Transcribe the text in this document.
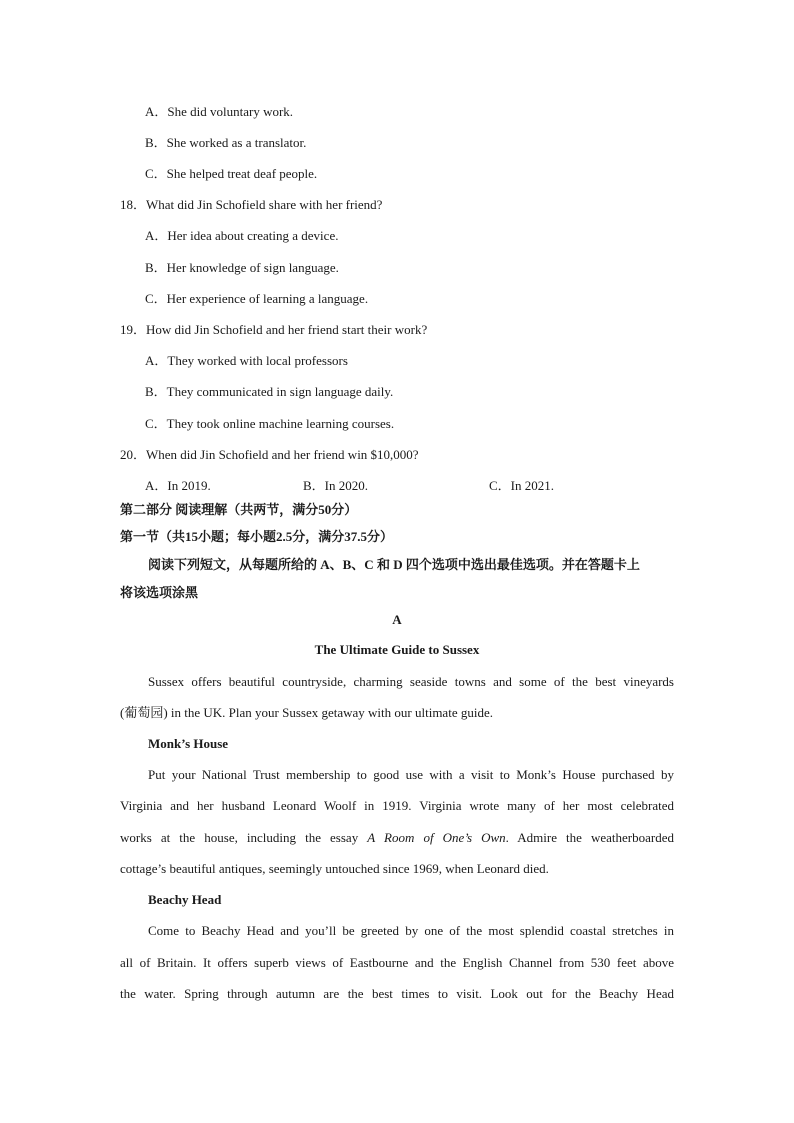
A．She did voluntary work.
B．She worked as a translator.
C．She helped treat deaf people.
18．What did Jin Schofield share with her friend?
A．Her idea about creating a device.
B．Her knowledge of sign language.
C．Her experience of learning a language.
19．How did Jin Schofield and her friend start their work?
A．They worked with local professors
B．They communicated in sign language daily.
C．They took online machine learning courses.
20．When did Jin Schofield and her friend win $10,000?
A．In 2019.	B．In 2020.	C．In 2021.
第二部分 阅读理解（共两节，满分50分）
第一节（共15小题；每小题2.5分，满分37.5分）
阅读下列短文，从每题所给的 A、B、C 和 D 四个选项中选出最佳选项。并在答题卡上
将该选项涂黑
A
The Ultimate Guide to Sussex
Sussex offers beautiful countryside, charming seaside towns and some of the best vineyards
(葡萄园) in the UK. Plan your Sussex getaway with our ultimate guide.
Monk’s House
Put your National Trust membership to good use with a visit to Monk’s House purchased by
Virginia and her husband Leonard Woolf in 1919. Virginia wrote many of her most celebrated
works at the house, including the essay A Room of One’s Own. Admire the weatherboarded
cottage’s beautiful antiques, seemingly untouched since 1969, when Leonard died.
Beachy Head
Come to Beachy Head and you’ll be greeted by one of the most splendid coastal stretches in
all of Britain. It offers superb views of Eastbourne and the English Channel from 530 feet above
the water. Spring through autumn are the best times to visit. Look out for the Beachy Head
